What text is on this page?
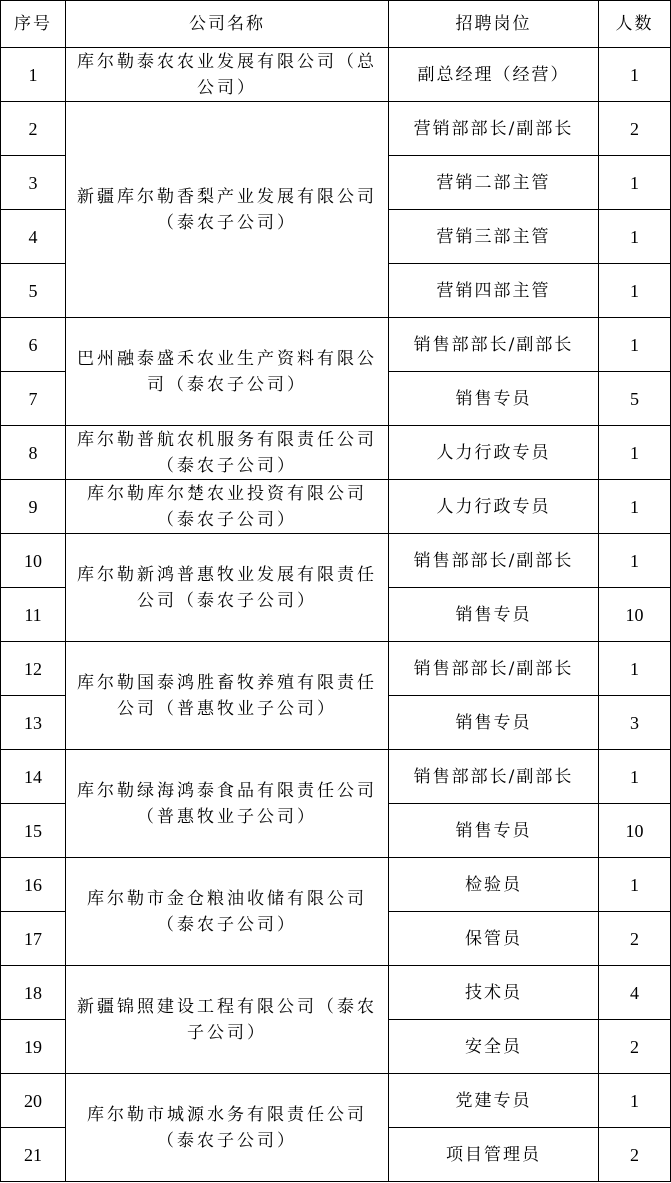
序号	公司名称	招聘岗位	人数
1	库尔勒泰农农业发展有限公司（总公司）	副总经理（经营）	1
2	新疆库尔勒香梨产业发展有限公司（泰农子公司）	营销部部长/副部长	2
3		营销二部主管	1
4		营销三部主管	1
5		营销四部主管	1
6	巴州融泰盛禾农业生产资料有限公司（泰农子公司）	销售部部长/副部长	1
7		销售专员	5
8	库尔勒普航农机服务有限责任公司（泰农子公司）	人力行政专员	1
9	库尔勒库尔楚农业投资有限公司（泰农子公司）	人力行政专员	1
10	库尔勒新鸿普惠牧业发展有限责任公司（泰农子公司）	销售部部长/副部长	1
11		销售专员	10
12	库尔勒国泰鸿胜畜牧养殖有限责任公司（普惠牧业子公司）	销售部部长/副部长	1
13		销售专员	3
14	库尔勒绿海鸿泰食品有限责任公司（普惠牧业子公司）	销售部部长/副部长	1
15		销售专员	10
16	库尔勒市金仓粮油收储有限公司（泰农子公司）	检验员	1
17		保管员	2
18	新疆锦照建设工程有限公司（泰农子公司）	技术员	4
19		安全员	2
20	库尔勒市城源水务有限责任公司（泰农子公司）	党建专员	1
21		项目管理员	2
